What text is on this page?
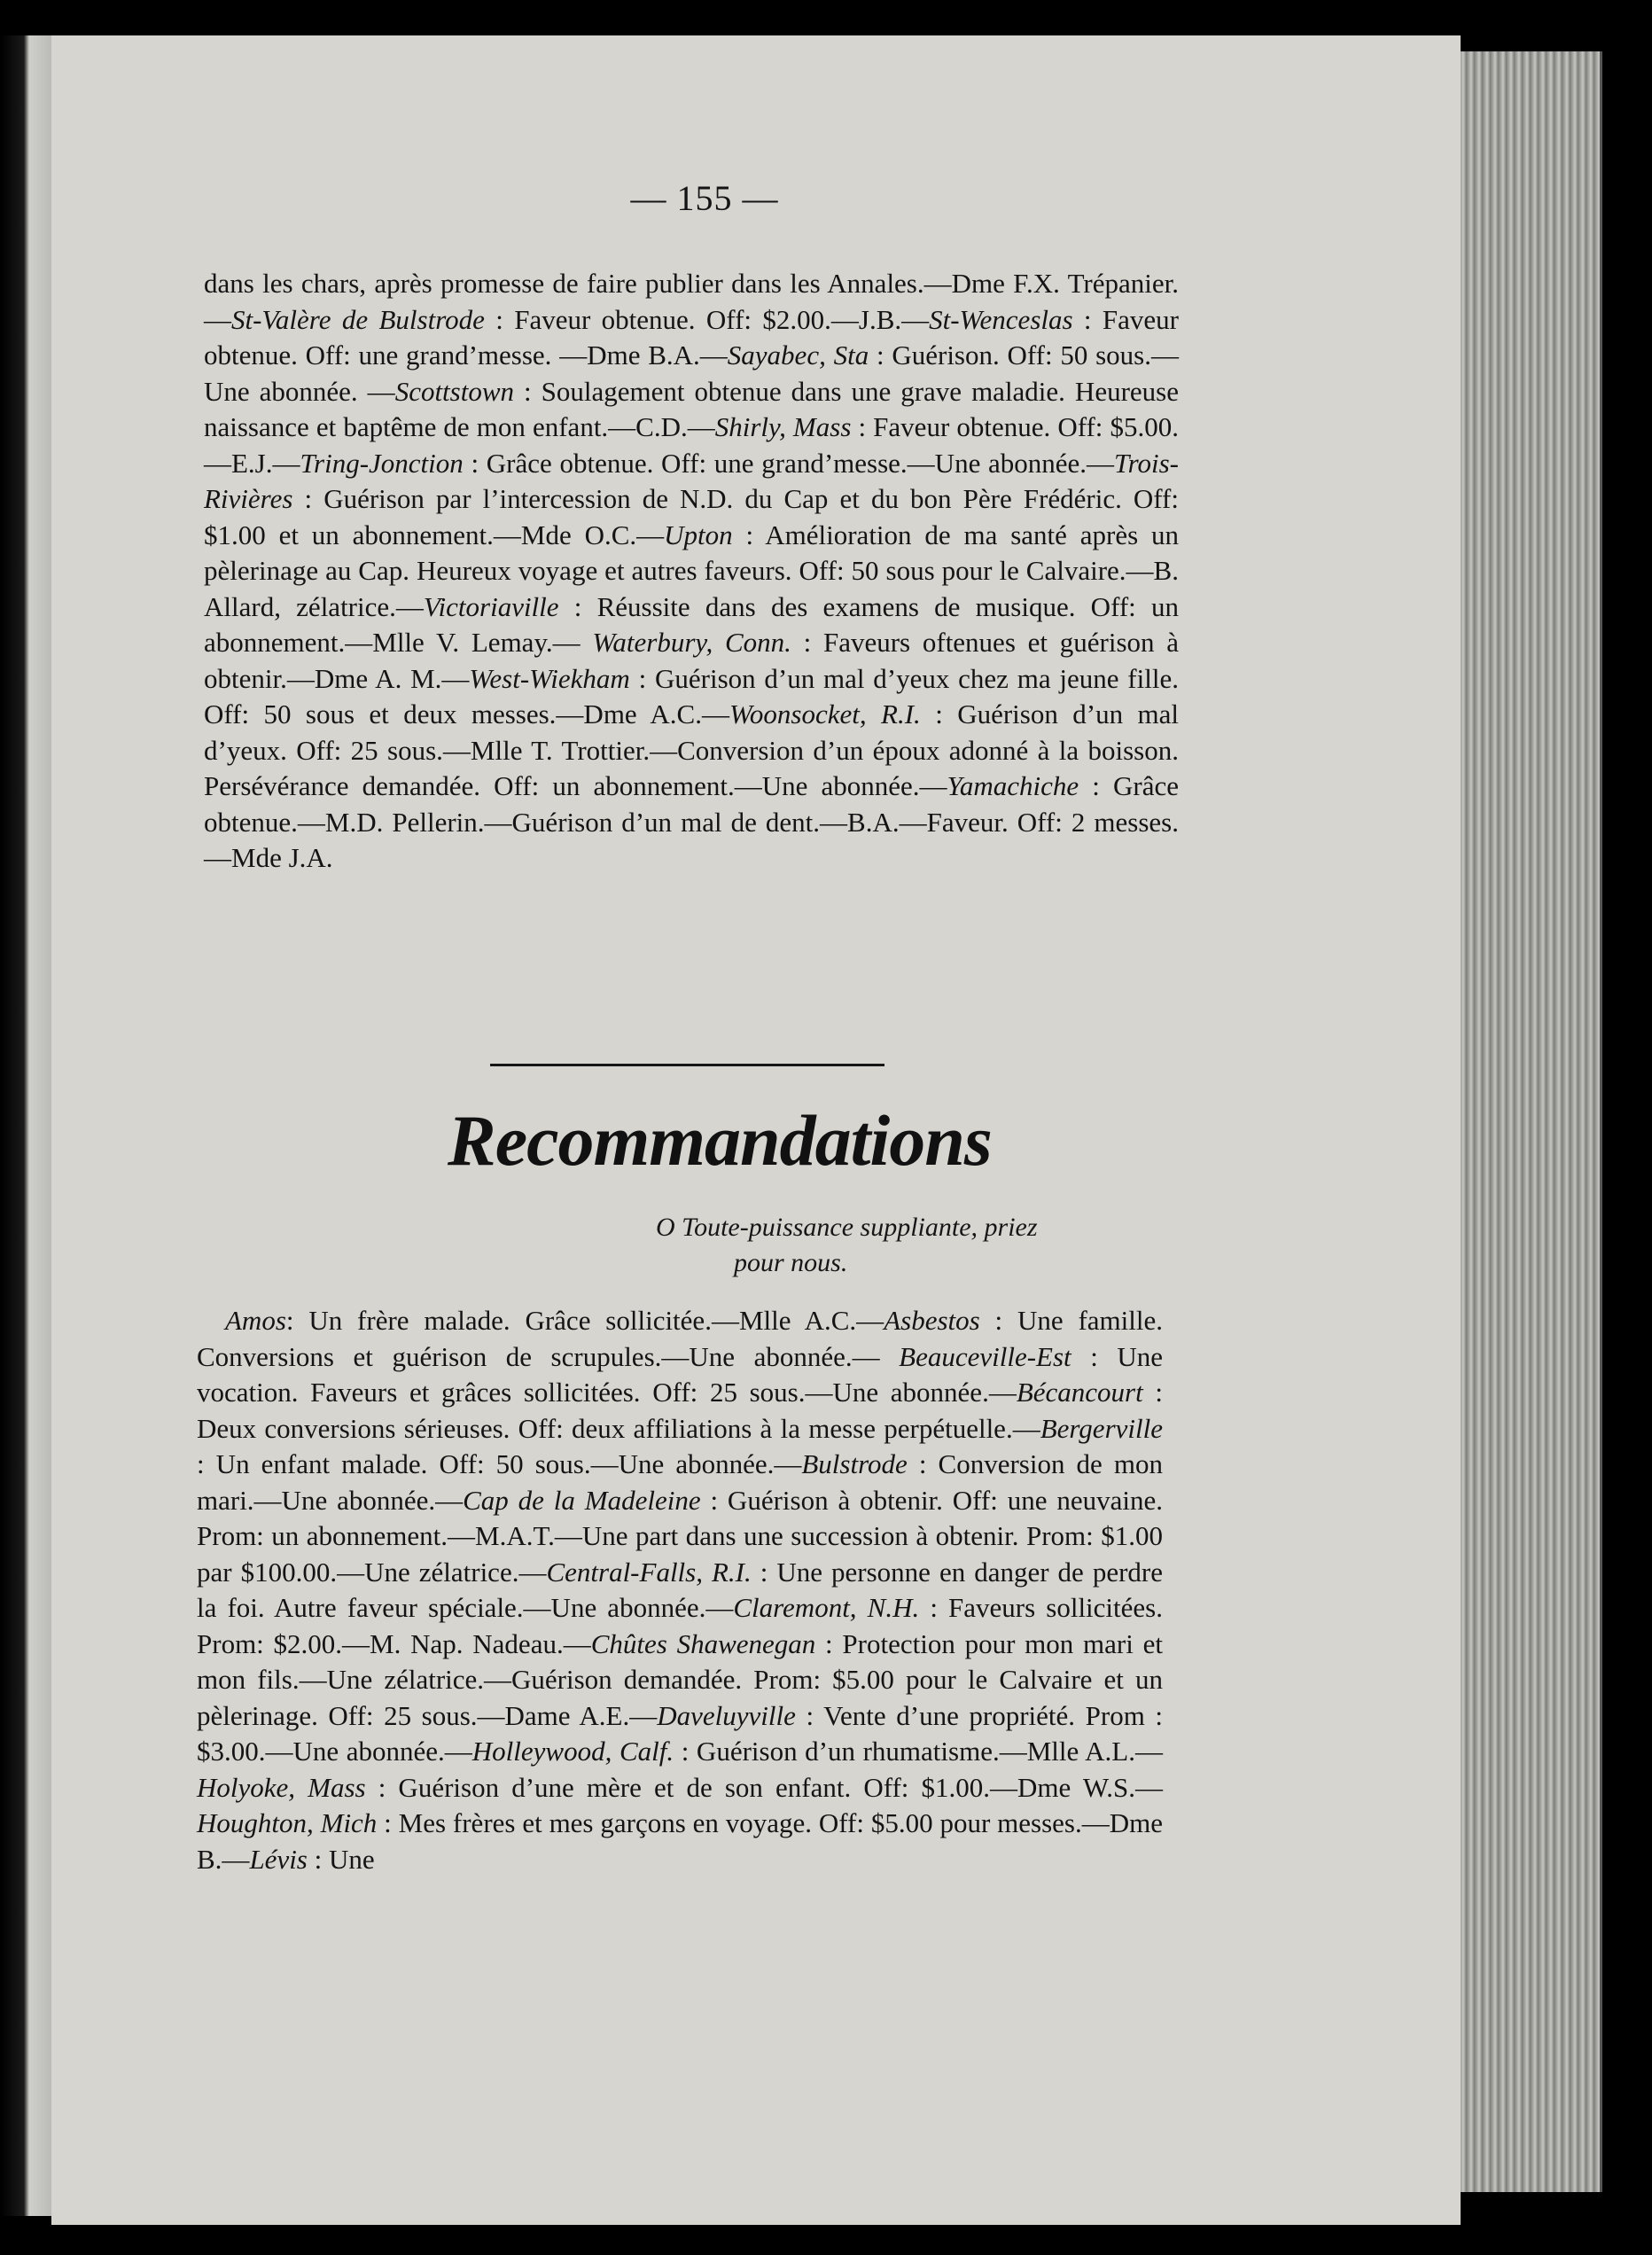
— 155 —
dans les chars, après promesse de faire publier dans les Annales.—Dme F.X. Trépanier.—St-Valère de Bulstrode : Faveur obtenue. Off: $2.00.—J.B.—St-Wenceslas : Faveur obtenue. Off: une grand’messe. —Dme B.A.—Sayabec, Sta : Guérison. Off: 50 sous.—Une abonnée. —Scottstown : Soulagement obtenue dans une grave maladie. Heureuse naissance et baptême de mon enfant.—C.D.—Shirly, Mass : Faveur obtenue. Off: $5.00.—E.J.—Tring-Jonction : Grâce obtenue. Off: une grand’messe.—Une abonnée.—Trois-Rivières : Guérison par l’intercession de N.D. du Cap et du bon Père Frédéric. Off: $1.00 et un abonnement.—Mde O.C.—Upton : Amélioration de ma santé après un pèlerinage au Cap. Heureux voyage et autres faveurs. Off: 50 sous pour le Calvaire.—B. Allard, zélatrice.—Victoriaville : Réussite dans des examens de musique. Off: un abonnement.—Mlle V. Lemay.— Waterbury, Conn. : Faveurs oftenues et guérison à obtenir.—Dme A. M.—West-Wiekham : Guérison d’un mal d’yeux chez ma jeune fille. Off: 50 sous et deux messes.—Dme A.C.—Woonsocket, R.I. : Guérison d’un mal d’yeux. Off: 25 sous.—Mlle T. Trottier.—Conversion d’un époux adonné à la boisson. Persévérance demandée. Off: un abonnement.—Une abonnée.—Yamachiche : Grâce obtenue.—M.D. Pellerin.—Guérison d’un mal de dent.—B.A.—Faveur. Off: 2 messes. —Mde J.A.
Recommandations
O Toute-puissance suppliante, priez

pour nous.
Amos: Un frère malade. Grâce sollicitée.—Mlle A.C.—Asbestos : Une famille. Conversions et guérison de scrupules.—Une abonnée.— Beauceville-Est : Une vocation. Faveurs et grâces sollicitées. Off: 25 sous.—Une abonnée.—Bécancourt : Deux conversions sérieuses. Off: deux affiliations à la messe perpétuelle.—Bergerville : Un enfant malade. Off: 50 sous.—Une abonnée.—Bulstrode : Conversion de mon mari.—Une abonnée.—Cap de la Madeleine : Guérison à obtenir. Off: une neuvaine. Prom: un abonnement.—M.A.T.—Une part dans une succession à obtenir. Prom: $1.00 par $100.00.—Une zélatrice.—Central-Falls, R.I. : Une personne en danger de perdre la foi. Autre faveur spéciale.—Une abonnée.—Claremont, N.H. : Faveurs sollicitées. Prom: $2.00.—M. Nap. Nadeau.—Chûtes Shawenegan : Protection pour mon mari et mon fils.—Une zélatrice.—Guérison demandée. Prom: $5.00 pour le Calvaire et un pèlerinage. Off: 25 sous.—Dame A.E.—Daveluyville : Vente d’une propriété. Prom : $3.00.—Une abonnée.—Holleywood, Calf. : Guérison d’un rhumatisme.—Mlle A.L.—Holyoke, Mass : Guérison d’une mère et de son enfant. Off: $1.00.—Dme W.S.—Houghton, Mich : Mes frères et mes garçons en voyage. Off: $5.00 pour messes.—Dme B.—Lévis : Une
